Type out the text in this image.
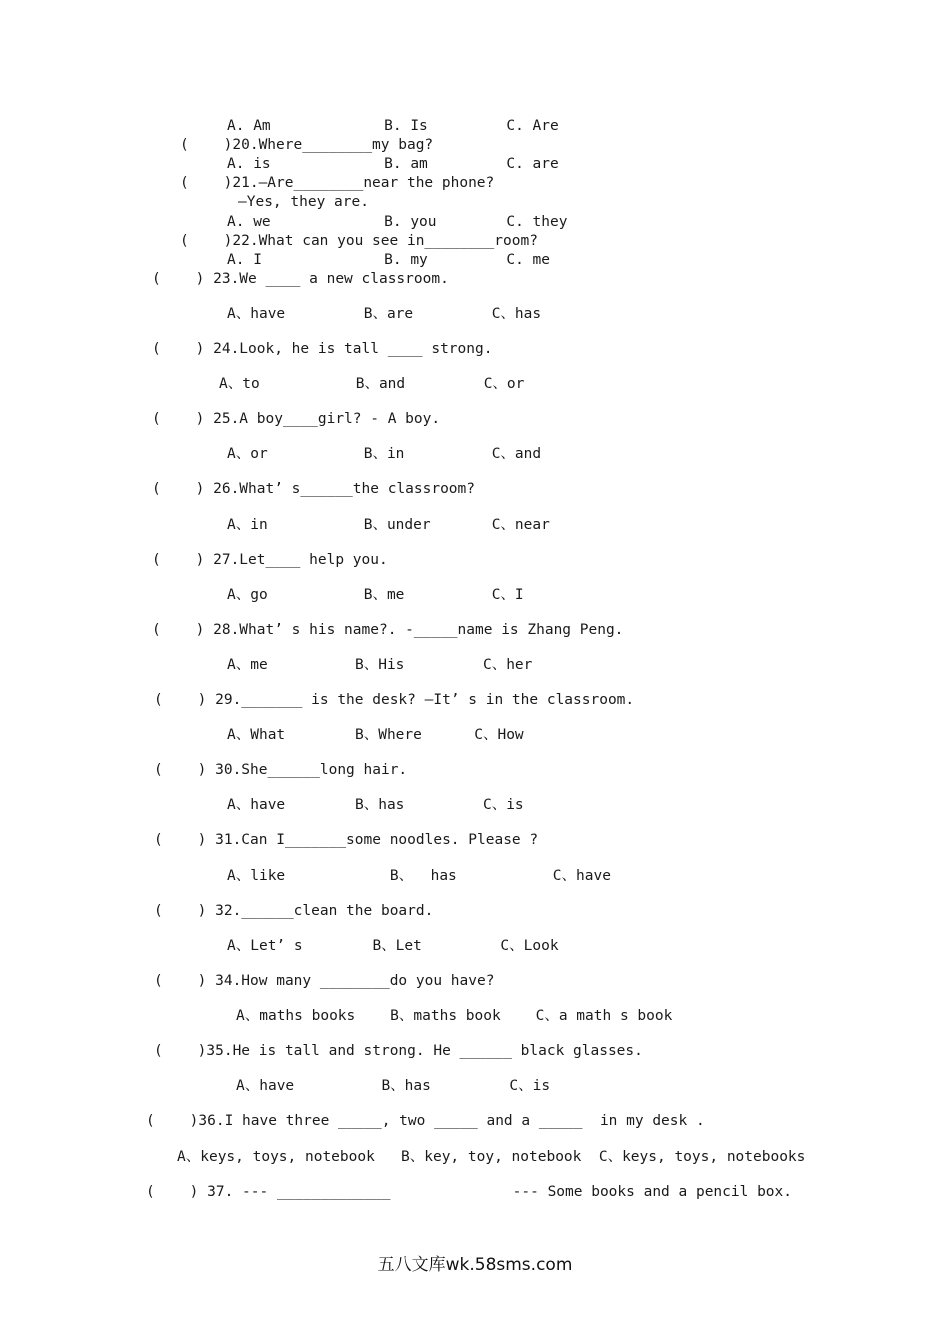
A. Am             B. Is         C. Are
(    )20.Where________my bag?
A. is             B. am         C. are
(    )21.—Are________near the phone?
—Yes, they are.
A. we             B. you        C. they
(    )22.What can you see in________room?
A. I              B. my         C. me
(    ) 23.We ____ a new classroom.
A、have         B、are         C、has
(    ) 24.Look, he is tall ____ strong.
A、to           B、and         C、or
(    ) 25.A boy____girl? - A boy.
A、or           B、in          C、and
(    ) 26.What’ s______the classroom?
A、in           B、under       C、near
(    ) 27.Let____ help you.
A、go           B、me          C、I
(    ) 28.What’ s his name?. -_____name is Zhang Peng.
A、me          B、His         C、her
(    ) 29._______ is the desk? —It’ s in the classroom.
A、What        B、Where      C、How
(    ) 30.She______long hair.
A、have        B、has         C、is
(    ) 31.Can I_______some noodles. Please ?
A、like            B、  has           C、have
(    ) 32.______clean the board.
A、Let’ s        B、Let         C、Look
(    ) 34.How many ________do you have?
A、maths books    B、maths book    C、a math s book
(    )35.He is tall and strong. He ______ black glasses.
A、have          B、has         C、is
(    )36.I have three _____, two _____ and a _____  in my desk .
A、keys, toys, notebook   B、key, toy, notebook  C、keys, toys, notebooks
(    ) 37. --- _____________              --- Some books and a pencil box.
五八文库wk.58sms.com
